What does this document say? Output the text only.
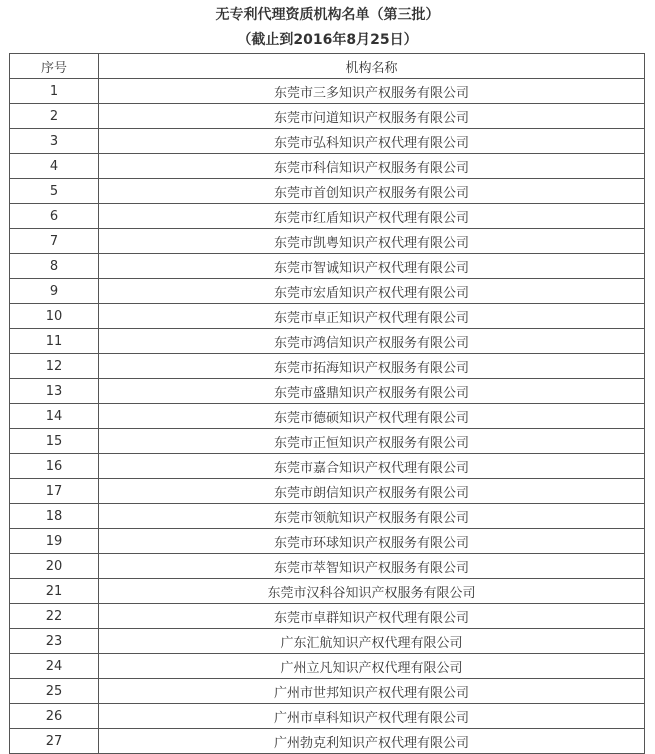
无专利代理资质机构名单（第三批）
（截止到2016年8月25日）
序号	机构名称
1	东莞市三多知识产权服务有限公司
2	东莞市问道知识产权服务有限公司
3	东莞市弘科知识产权代理有限公司
4	东莞市科信知识产权服务有限公司
5	东莞市首创知识产权服务有限公司
6	东莞市红盾知识产权代理有限公司
7	东莞市凯粤知识产权代理有限公司
8	东莞市智诚知识产权代理有限公司
9	东莞市宏盾知识产权代理有限公司
10	东莞市卓正知识产权代理有限公司
11	东莞市鸿信知识产权服务有限公司
12	东莞市拓海知识产权服务有限公司
13	东莞市盛鼎知识产权服务有限公司
14	东莞市德硕知识产权代理有限公司
15	东莞市正恒知识产权服务有限公司
16	东莞市嘉合知识产权代理有限公司
17	东莞市朗信知识产权服务有限公司
18	东莞市领航知识产权服务有限公司
19	东莞市环球知识产权服务有限公司
20	东莞市萃智知识产权服务有限公司
21	东莞市汉科谷知识产权服务有限公司
22	东莞市卓群知识产权代理有限公司
23	广东汇航知识产权代理有限公司
24	广州立凡知识产权代理有限公司
25	广州市世邦知识产权代理有限公司
26	广州市卓科知识产权代理有限公司
27	广州勃克利知识产权代理有限公司
